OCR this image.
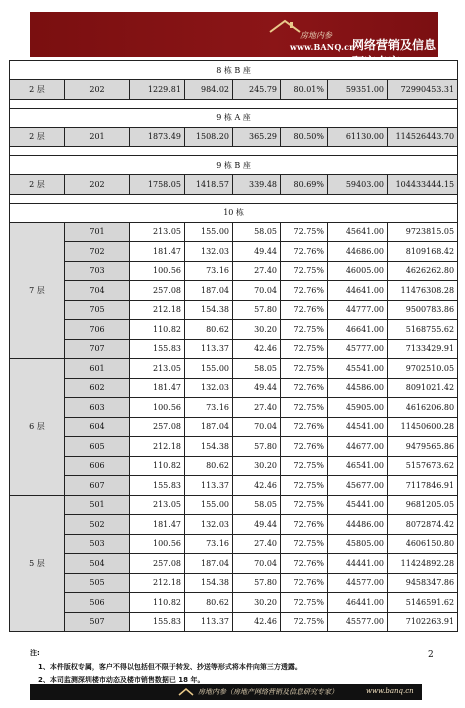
房地内参
www.BANQ.cn
网络营销及信息研究专家
8 栋 B 座							
2 层	202	1229.81	984.02	245.79	80.01%	59351.00	72990453.31

9 栋 A 座							
2 层	201	1873.49	1508.20	365.29	80.50%	61130.00	114526443.70

9 栋 B 座							
2 层	202	1758.05	1418.57	339.48	80.69%	59403.00	104433444.15

10 栋							
7 层	701	213.05	155.00	58.05	72.75%	45641.00	9723815.05
	702	181.47	132.03	49.44	72.76%	44686.00	8109168.42
	703	100.56	73.16	27.40	72.75%	46005.00	4626262.80
	704	257.08	187.04	70.04	72.76%	44641.00	11476308.28
	705	212.18	154.38	57.80	72.76%	44777.00	9500783.86
	706	110.82	80.62	30.20	72.75%	46641.00	5168755.62
	707	155.83	113.37	42.46	72.75%	45777.00	7133429.91
6 层	601	213.05	155.00	58.05	72.75%	45541.00	9702510.05
	602	181.47	132.03	49.44	72.76%	44586.00	8091021.42
	603	100.56	73.16	27.40	72.75%	45905.00	4616206.80
	604	257.08	187.04	70.04	72.76%	44541.00	11450600.28
	605	212.18	154.38	57.80	72.76%	44677.00	9479565.86
	606	110.82	80.62	30.20	72.75%	46541.00	5157673.62
	607	155.83	113.37	42.46	72.75%	45677.00	7117846.91
5 层	501	213.05	155.00	58.05	72.75%	45441.00	9681205.05
	502	181.47	132.03	49.44	72.76%	44486.00	8072874.42
	503	100.56	73.16	27.40	72.75%	45805.00	4606150.80
	504	257.08	187.04	70.04	72.76%	44441.00	11424892.28
	505	212.18	154.38	57.80	72.76%	44577.00	9458347.86
	506	110.82	80.62	30.20	72.75%	46441.00	5146591.62
	507	155.83	113.37	42.46	72.75%	45577.00	7102263.91
注:
1、本件版权专属，客户不得以包括但不限于转发、抄送等形式将本件向第三方透露。
2、本司监测深圳楼市动态及楼市销售数据已 18 年。
2
房地内参（房地产网络营销及信息研究专家）	www.banq.cn
